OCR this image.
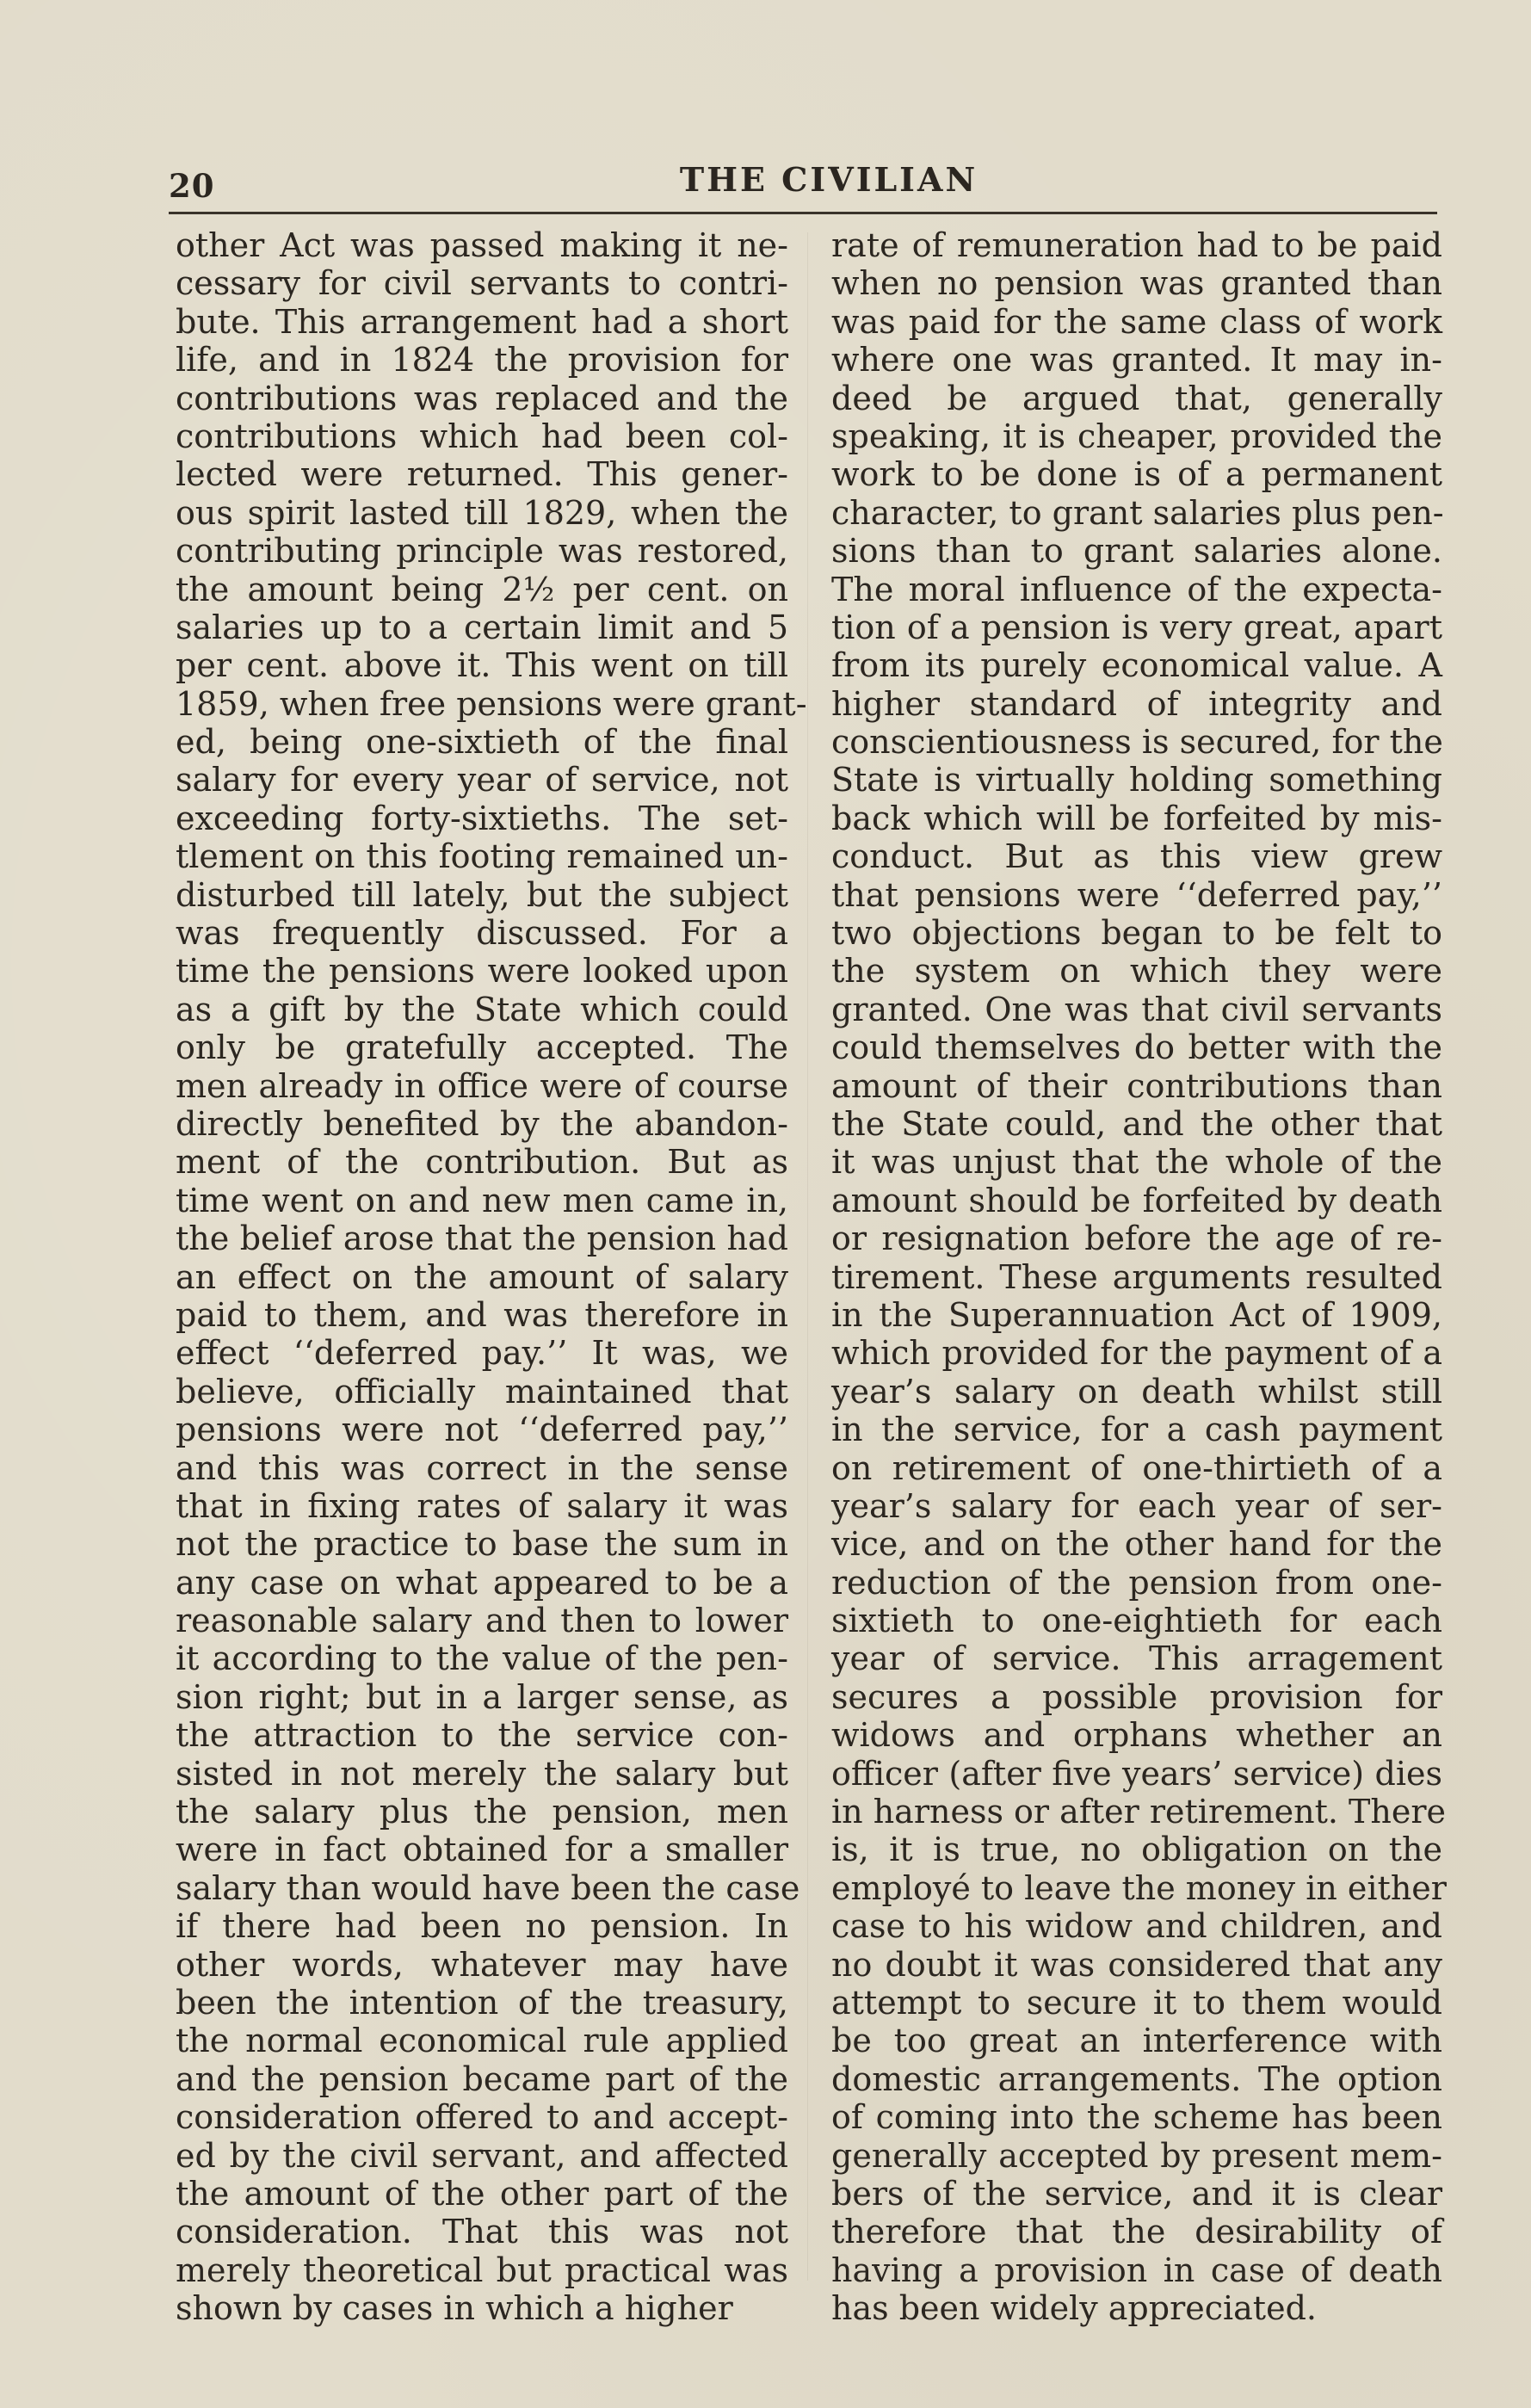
20	THE CIVILIAN
other Act was passed making it ne-
cessary for civil servants to contri-
bute. This arrangement had a short
life, and in 1824 the provision for
contributions was replaced and the
contributions which had been col-
lected were returned. This gener-
ous spirit lasted till 1829, when the
contributing principle was restored,
the amount being 2½ per cent. on
salaries up to a certain limit and 5
per cent. above it. This went on till
1859, when free pensions were grant-
ed, being one-sixtieth of the final
salary for every year of service, not
exceeding forty-sixtieths. The set-
tlement on this footing remained un-
disturbed till lately, but the subject
was frequently discussed. For a
time the pensions were looked upon
as a gift by the State which could
only be gratefully accepted. The
men already in office were of course
directly benefited by the abandon-
ment of the contribution. But as
time went on and new men came in,
the belief arose that the pension had
an effect on the amount of salary
paid to them, and was therefore in
effect ‘‘deferred pay.’’ It was, we
believe, officially maintained that
pensions were not ‘‘deferred pay,’’
and this was correct in the sense
that in fixing rates of salary it was
not the practice to base the sum in
any case on what appeared to be a
reasonable salary and then to lower
it according to the value of the pen-
sion right; but in a larger sense, as
the attraction to the service con-
sisted in not merely the salary but
the salary plus the pension, men
were in fact obtained for a smaller
salary than would have been the case
if there had been no pension. In
other words, whatever may have
been the intention of the treasury,
the normal economical rule applied
and the pension became part of the
consideration offered to and accept-
ed by the civil servant, and affected
the amount of the other part of the
consideration. That this was not
merely theoretical but practical was
shown by cases in which a higher
rate of remuneration had to be paid
when no pension was granted than
was paid for the same class of work
where one was granted. It may in-
deed be argued that, generally
speaking, it is cheaper, provided the
work to be done is of a permanent
character, to grant salaries plus pen-
sions than to grant salaries alone.
The moral influence of the expecta-
tion of a pension is very great, apart
from its purely economical value. A
higher standard of integrity and
conscientiousness is secured, for the
State is virtually holding something
back which will be forfeited by mis-
conduct. But as this view grew
that pensions were ‘‘deferred pay,’’
two objections began to be felt to
the system on which they were
granted. One was that civil servants
could themselves do better with the
amount of their contributions than
the State could, and the other that
it was unjust that the whole of the
amount should be forfeited by death
or resignation before the age of re-
tirement. These arguments resulted
in the Superannuation Act of 1909,
which provided for the payment of a
year’s salary on death whilst still
in the service, for a cash payment
on retirement of one-thirtieth of a
year’s salary for each year of ser-
vice, and on the other hand for the
reduction of the pension from one-
sixtieth to one-eightieth for each
year of service. This arragement
secures a possible provision for
widows and orphans whether an
officer (after five years’ service) dies
in harness or after retirement. There
is, it is true, no obligation on the
employé to leave the money in either
case to his widow and children, and
no doubt it was considered that any
attempt to secure it to them would
be too great an interference with
domestic arrangements. The option
of coming into the scheme has been
generally accepted by present mem-
bers of the service, and it is clear
therefore that the desirability of
having a provision in case of death
has been widely appreciated.
